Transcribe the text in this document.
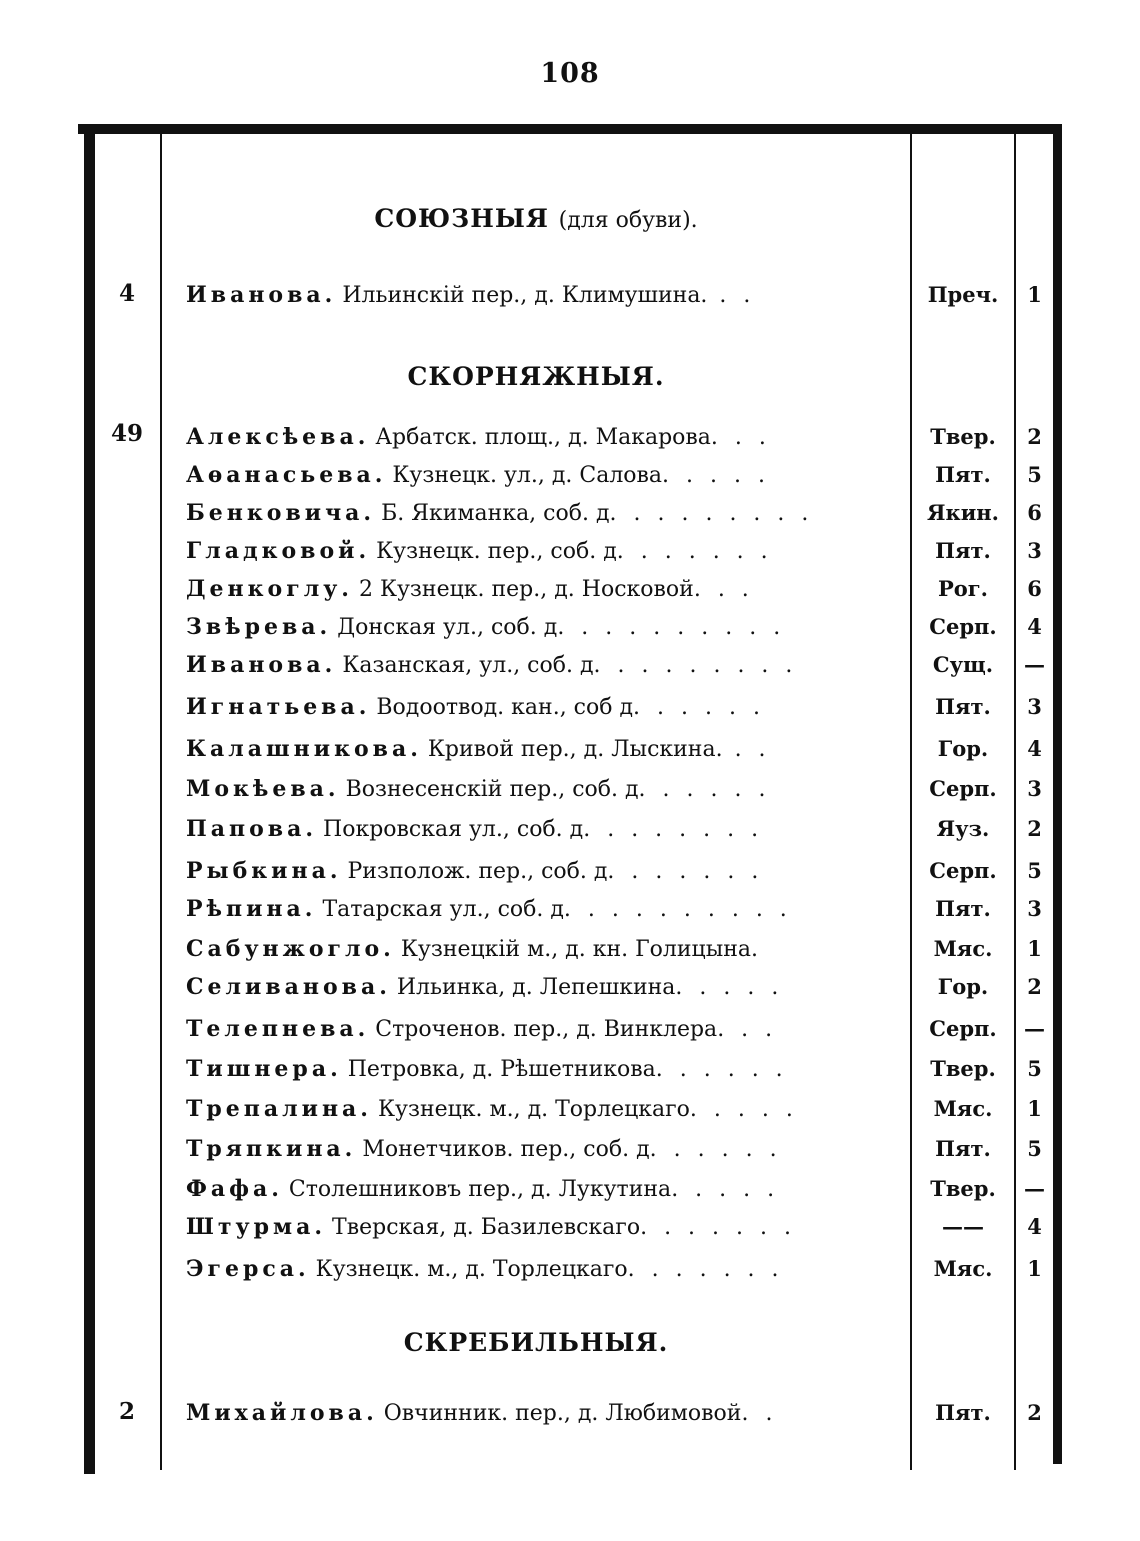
108
СОЮЗНЫЯ (для обуви).
4	Иванова. Ильинскій пер., д. Климушина. . .	Преч.	1
СКОРНЯЖНЫЯ.
49	Алексѣева. Арбатск. площ., д. Макарова. . .	Твер.	2
Аѳанасьева. Кузнецк. ул., д. Салова. . . . .	Пят.	5
Бенковича. Б. Якиманка, соб. д. . . . . . . . .	Якин.	6
Гладковой. Кузнецк. пер., соб. д. . . . . . .	Пят.	3
Денкоглу. 2 Кузнецк. пер., д. Носковой. . .	Рог.	6
Звѣрева. Донская ул., соб. д. . . . . . . . . .	Серп.	4
Иванова. Казанская, ул., соб. д. . . . . . . . .	Сущ.	—
Игнатьева. Водоотвод. кан., соб д. . . . . .	Пят.	3
Калашникова. Кривой пер., д. Лыскина. . .	Гор.	4
Мокѣева. Вознесенскій пер., соб. д. . . . . .	Серп.	3
Папова. Покровская ул., соб. д. . . . . . . .	Яуз.	2
Рыбкина. Ризполож. пер., соб. д. . . . . . .	Серп.	5
Рѣпина. Татарская ул., соб. д. . . . . . . . . .	Пят.	3
Сабунжогло. Кузнецкій м., д. кн. Голицына.	Мяс.	1
Селиванова. Ильинка, д. Лепешкина. . . . .	Гор.	2
Телепнева. Строченов. пер., д. Винклера. . .	Серп.	—
Тишнера. Петровка, д. Рѣшетникова. . . . . .	Твер.	5
Трепалина. Кузнецк. м., д. Торлецкаго. . . . .	Мяс.	1
Тряпкина. Монетчиков. пер., соб. д. . . . . .	Пят.	5
Фафа. Столешниковъ пер., д. Лукутина. . . . .	Твер.	—
Штурма. Тверская, д. Базилевскаго. . . . . . .	——	4
Эгерса. Кузнецк. м., д. Торлецкаго. . . . . . .	Мяс.	1
СКРЕБИЛЬНЫЯ.
2	Михайлова. Овчинник. пер., д. Любимовой. .	Пят.	2
